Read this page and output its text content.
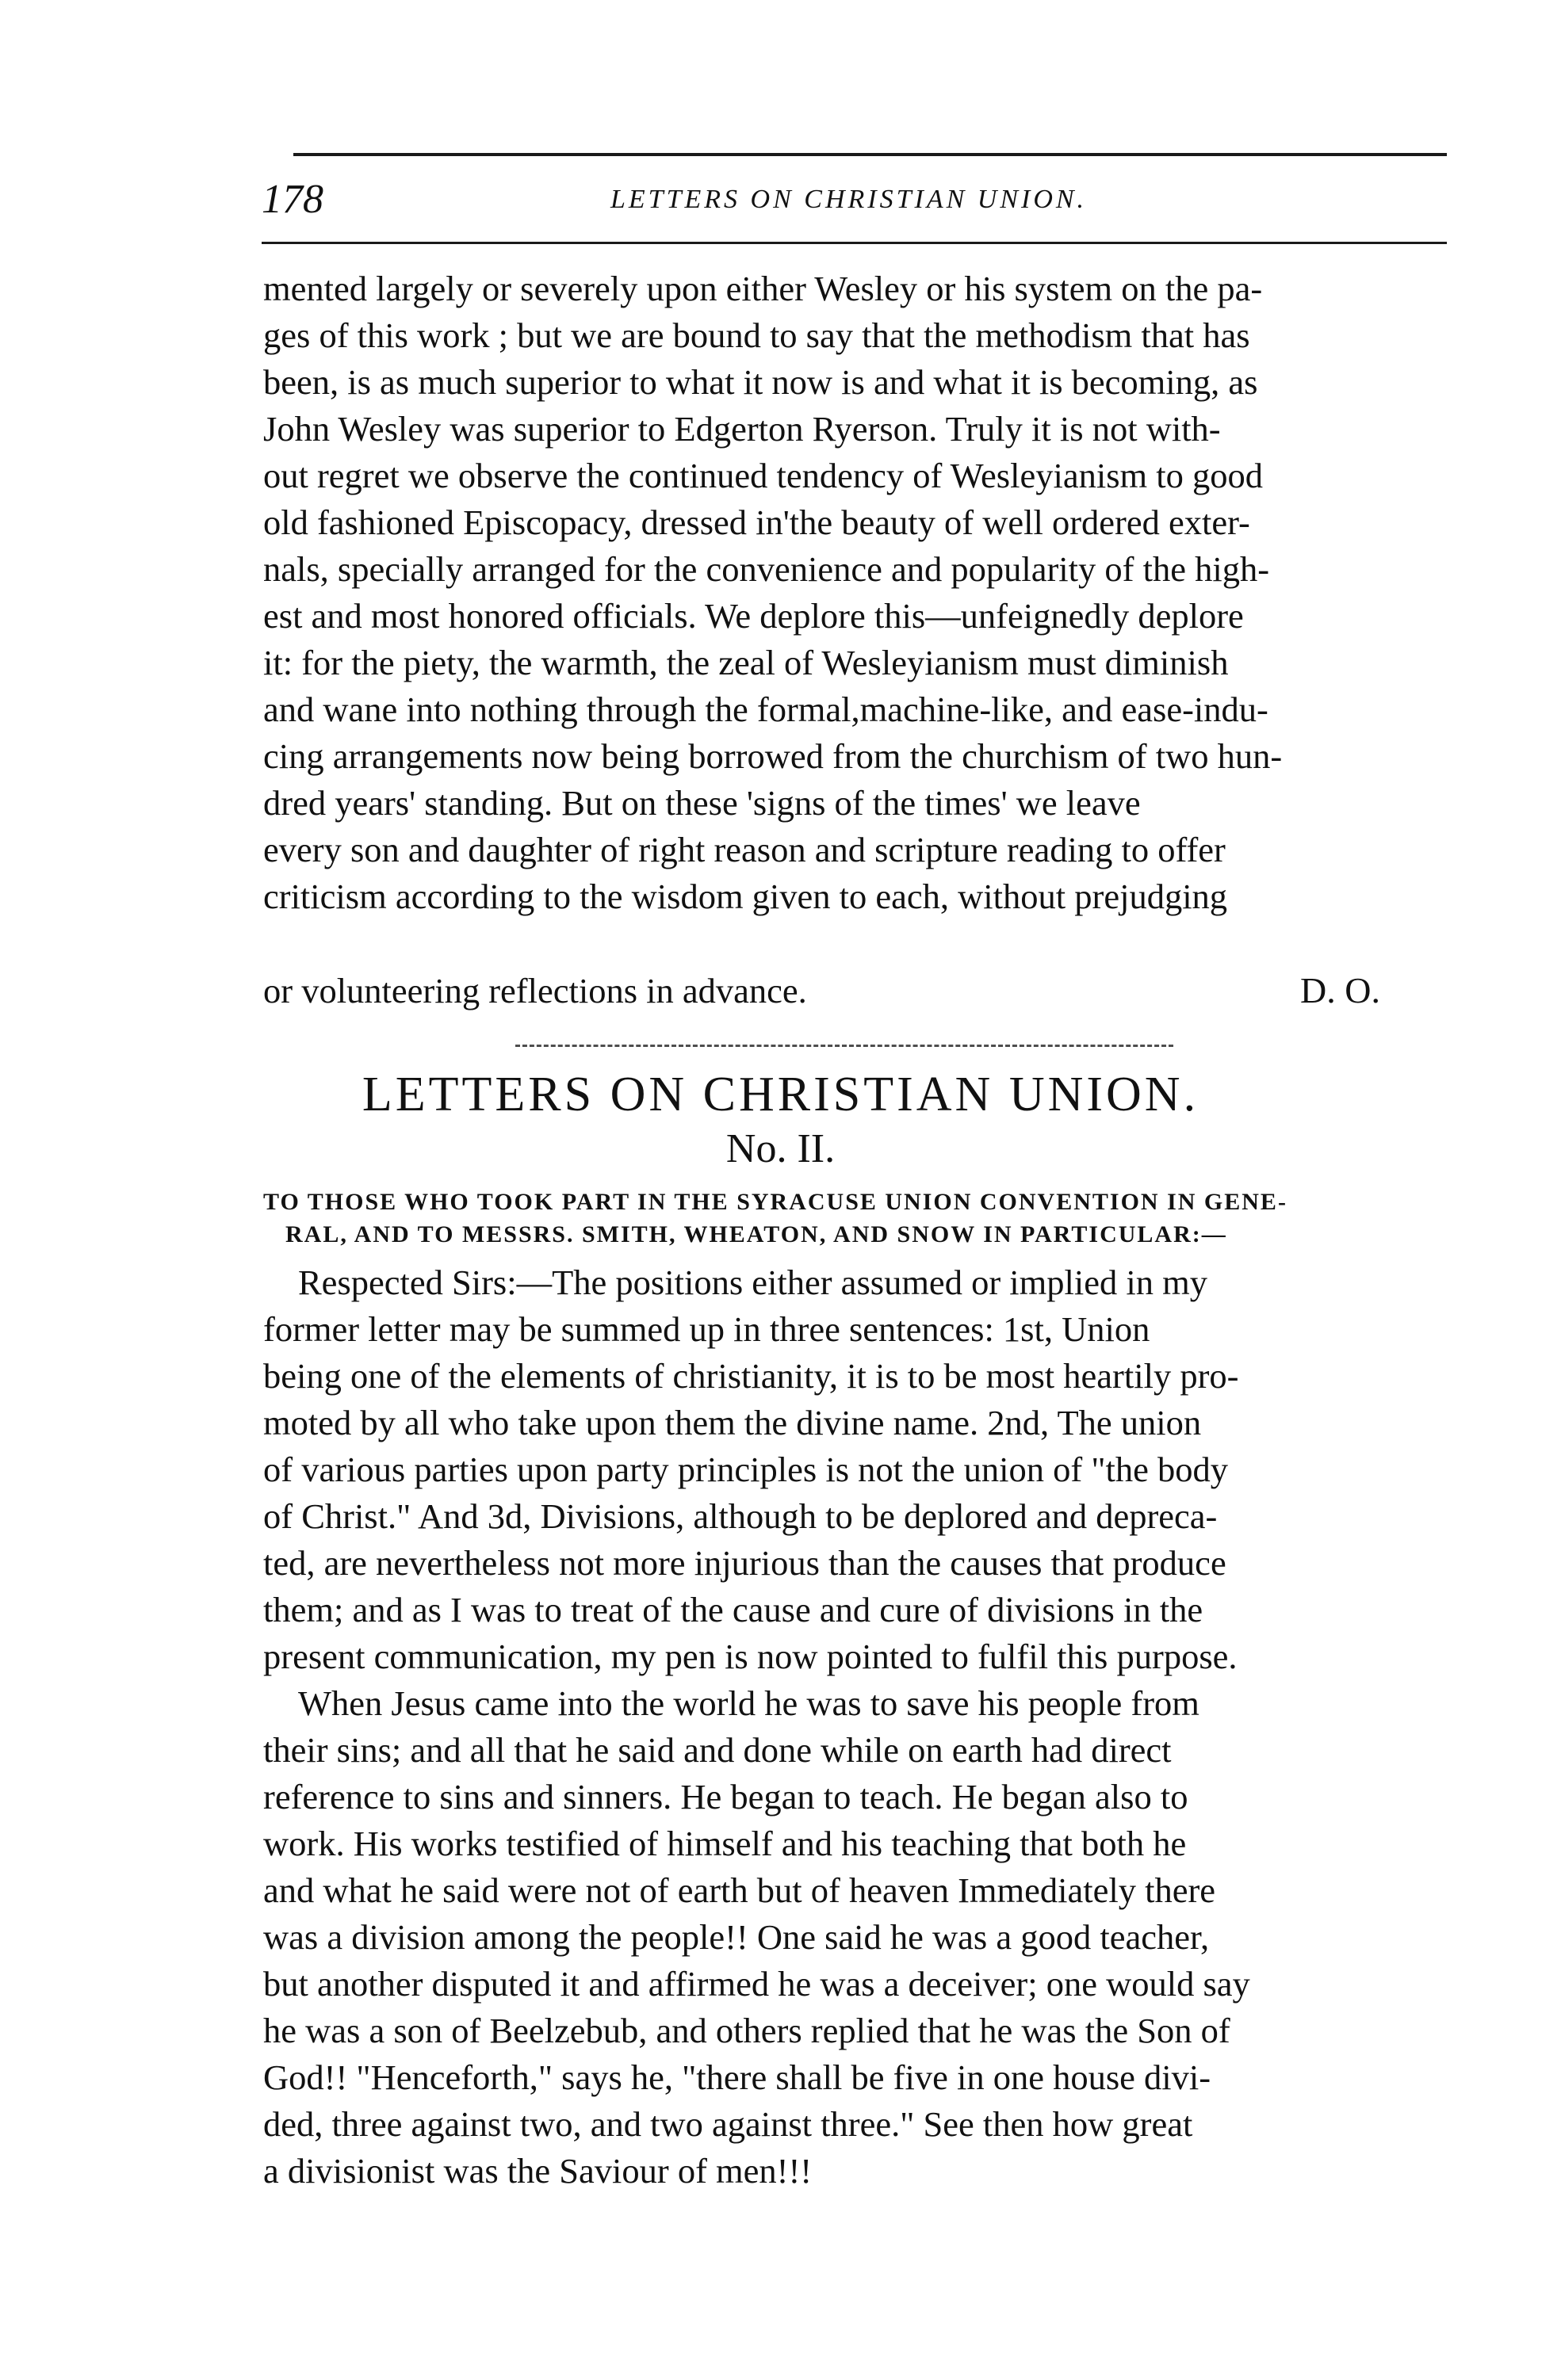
178	LETTERS ON CHRISTIAN UNION.

mented largely or severely upon either Wesley or his system on the pa-

ges of this work ; but we are bound to say that the methodism that has

been, is as much superior to what it now is and what it is becoming, as

John Wesley was superior to Edgerton Ryerson. Truly it is not with-

out regret we observe the continued tendency of Wesleyianism to good

old fashioned Episcopacy, dressed in'the beauty of well ordered exter-

nals, specially arranged for the convenience and popularity of the high-

est and most honored officials. We deplore this—unfeignedly deplore

it: for the piety, the warmth, the zeal of Wesleyianism must diminish

and wane into nothing through the formal,machine-like, and ease-indu-

cing arrangements now being borrowed from the churchism of two hun-

dred years' standing. But on these 'signs of the times' we leave

every son and daughter of right reason and scripture reading to offer

criticism according to the wisdom given to each, without prejudging

or volunteering reflections in advance.	D. O.
LETTERS ON CHRISTIAN UNION.
No. II.
TO THOSE WHO TOOK PART IN THE SYRACUSE UNION CONVENTION IN GENE-
RAL, AND TO MESSRS. SMITH, WHEATON, AND SNOW IN PARTICULAR:—

Respected Sirs:—The positions either assumed or implied in my

former letter may be summed up in three sentences: 1st, Union

being one of the elements of christianity, it is to be most heartily pro-

moted by all who take upon them the divine name. 2nd, The union

of various parties upon party principles is not the union of "the body

of Christ." And 3d, Divisions, although to be deplored and depreca-

ted, are nevertheless not more injurious than the causes that produce

them; and as I was to treat of the cause and cure of divisions in the

present communication, my pen is now pointed to fulfil this purpose.

When Jesus came into the world he was to save his people from

their sins; and all that he said and done while on earth had direct

reference to sins and sinners. He began to teach. He began also to

work. His works testified of himself and his teaching that both he

and what he said were not of earth but of heaven Immediately there

was a division among the people!! One said he was a good teacher,

but another disputed it and affirmed he was a deceiver; one would say

he was a son of Beelzebub, and others replied that he was the Son of

God!! "Henceforth," says he, "there shall be five in one house divi-

ded, three against two, and two against three." See then how great

a divisionist was the Saviour of men!!!
